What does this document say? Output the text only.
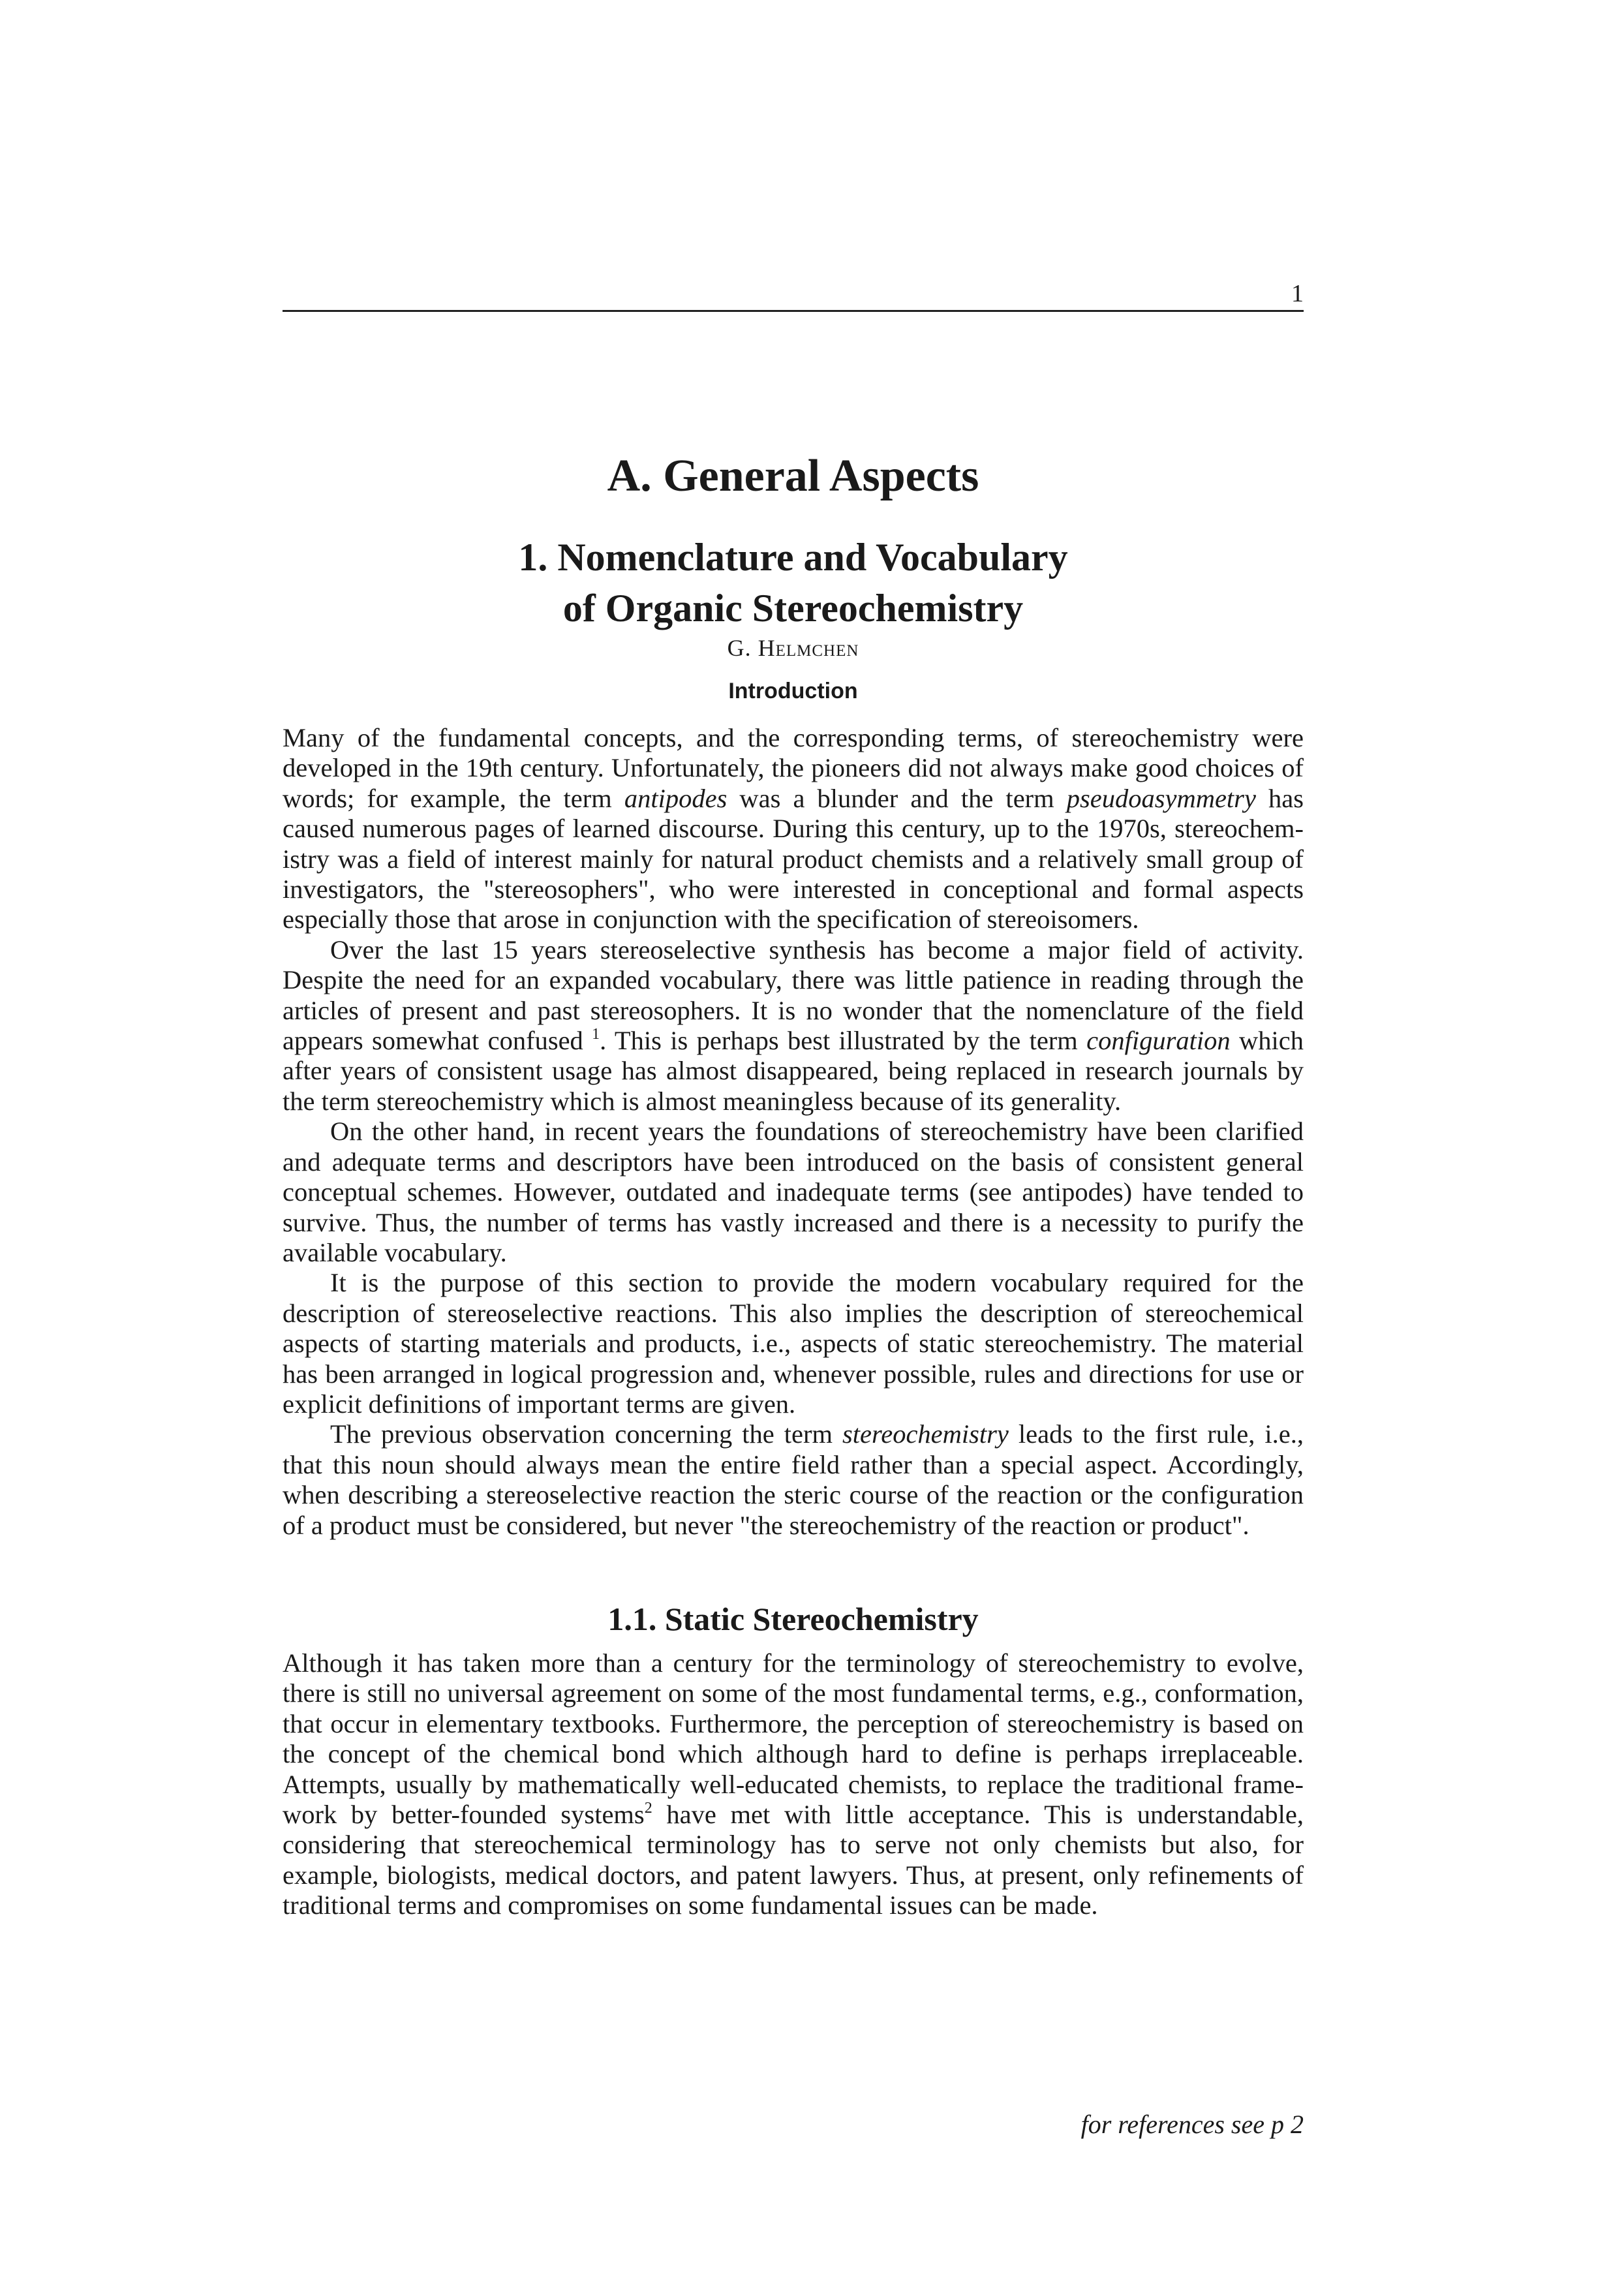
1
A. General Aspects
1. Nomenclature and Vocabulary
of Organic Stereochemistry
G. Helmchen
Introduction

Many of the fundamental concepts, and the corresponding terms, of stereochemistry were developed in the 19th century. Unfortunately, the pioneers did not always make good choices of words; for example, the term antipodes was a blunder and the term pseudoasymmetry has caused numerous pages of learned discourse. During this century, up to the 1970s, stereochemistry was a field of interest mainly for natural product chemists and a relatively small group of investigators, the "stereosophers", who were interested in conceptional and formal aspects especially those that arose in conjunction with the specification of stereoisomers.

Over the last 15 years stereoselective synthesis has become a major field of activity. Despite the need for an expanded vocabulary, there was little patience in reading through the articles of present and past stereosophers. It is no wonder that the nomenclature of the field appears somewhat confused $^1$. This is perhaps best illustrated by the term configuration which after years of consistent usage has almost disappeared, being replaced in research journals by the term stereochemistry which is almost meaningless because of its generality.

On the other hand, in recent years the foundations of stereochemistry have been clarified and adequate terms and descriptors have been introduced on the basis of consistent general conceptual schemes. However, outdated and inadequate terms (see antipodes) have tended to survive. Thus, the number of terms has vastly increased and there is a necessity to purify the available vocabulary.

It is the purpose of this section to provide the modern vocabulary required for the description of stereoselective reactions. This also implies the description of stereochemical aspects of starting materials and products, i.e., aspects of static stereochemistry. The material has been arranged in logical progression and, whenever possible, rules and directions for use or explicit definitions of important terms are given.

The previous observation concerning the term stereochemistry leads to the first rule, i.e., that this noun should always mean the entire field rather than a special aspect. Accordingly, when describing a stereoselective reaction the steric course of the reaction or the configuration of a product must be considered, but never "the stereochemistry of the reaction or product".

1.1. Static Stereochemistry

Although it has taken more than a century for the terminology of stereochemistry to evolve, there is still no universal agreement on some of the most fundamental terms, e.g., conformation, that occur in elementary textbooks. Furthermore, the perception of stereochemistry is based on the concept of the chemical bond which although hard to define is perhaps irreplaceable. Attempts, usually by mathematically well-educated chemists, to replace the traditional framework by better-founded systems$^2$ have met with little acceptance. This is understandable, considering that stereochemical terminology has to serve not only chemists but also, for example, biologists, medical doctors, and patent lawyers. Thus, at present, only refinements of traditional terms and compromises on some fundamental issues can be made.

for references see p 2
